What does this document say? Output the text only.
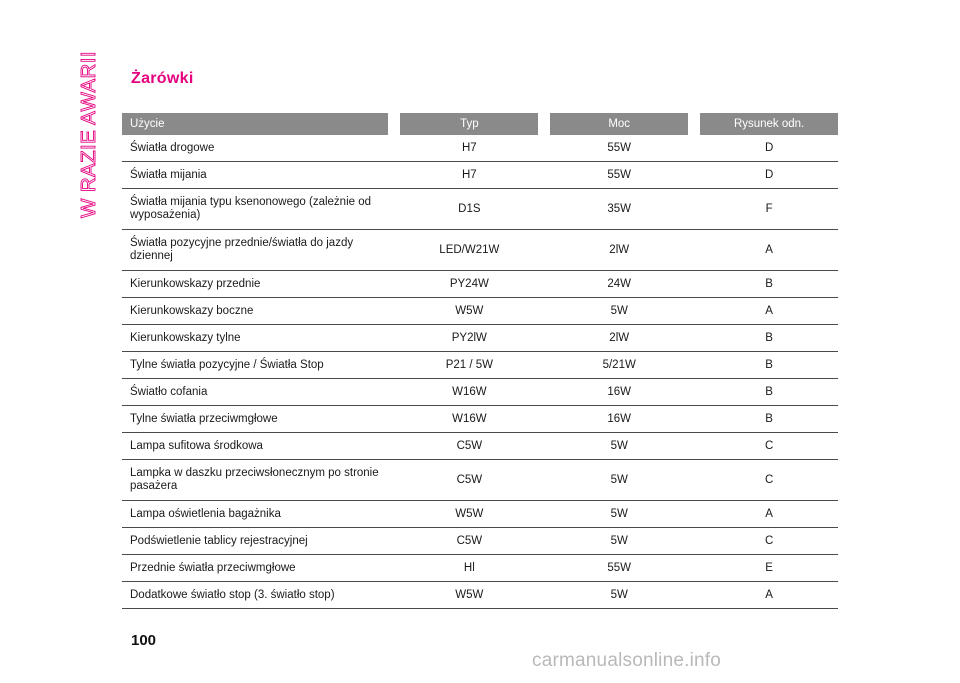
W RAZIE AWARII Żarówki
Użycie		Typ		Moc		Rysunek odn.
Światła drogowe		H7		55W		D
Światła mijania		H7		55W		D
Światła mijania typu ksenonowego (zależnie od wyposażenia)		D1S		35W		F
Światła pozycyjne przednie/światła do jazdy dziennej		LED/W21W		2lW		A
Kierunkowskazy przednie		PY24W		24W		B
Kierunkowskazy boczne		W5W		5W		A
Kierunkowskazy tylne		PY2lW		2lW		B
Tylne światła pozycyjne / Światła Stop		P21 / 5W		5/21W		B
Światło cofania		W16W		16W		B
Tylne światła przeciwmgłowe		W16W		16W		B
Lampa sufitowa środkowa		C5W		5W		C
Lampka w daszku przeciwsłonecznym po stronie pasażera		C5W		5W		C
Lampa oświetlenia bagażnika		W5W		5W		A
Podświetlenie tablicy rejestracyjnej		C5W		5W		C
Przednie światła przeciwmgłowe		Hl		55W		E
Dodatkowe światło stop (3. światło stop)		W5W		5W		A
100
carmanualsonline.info
